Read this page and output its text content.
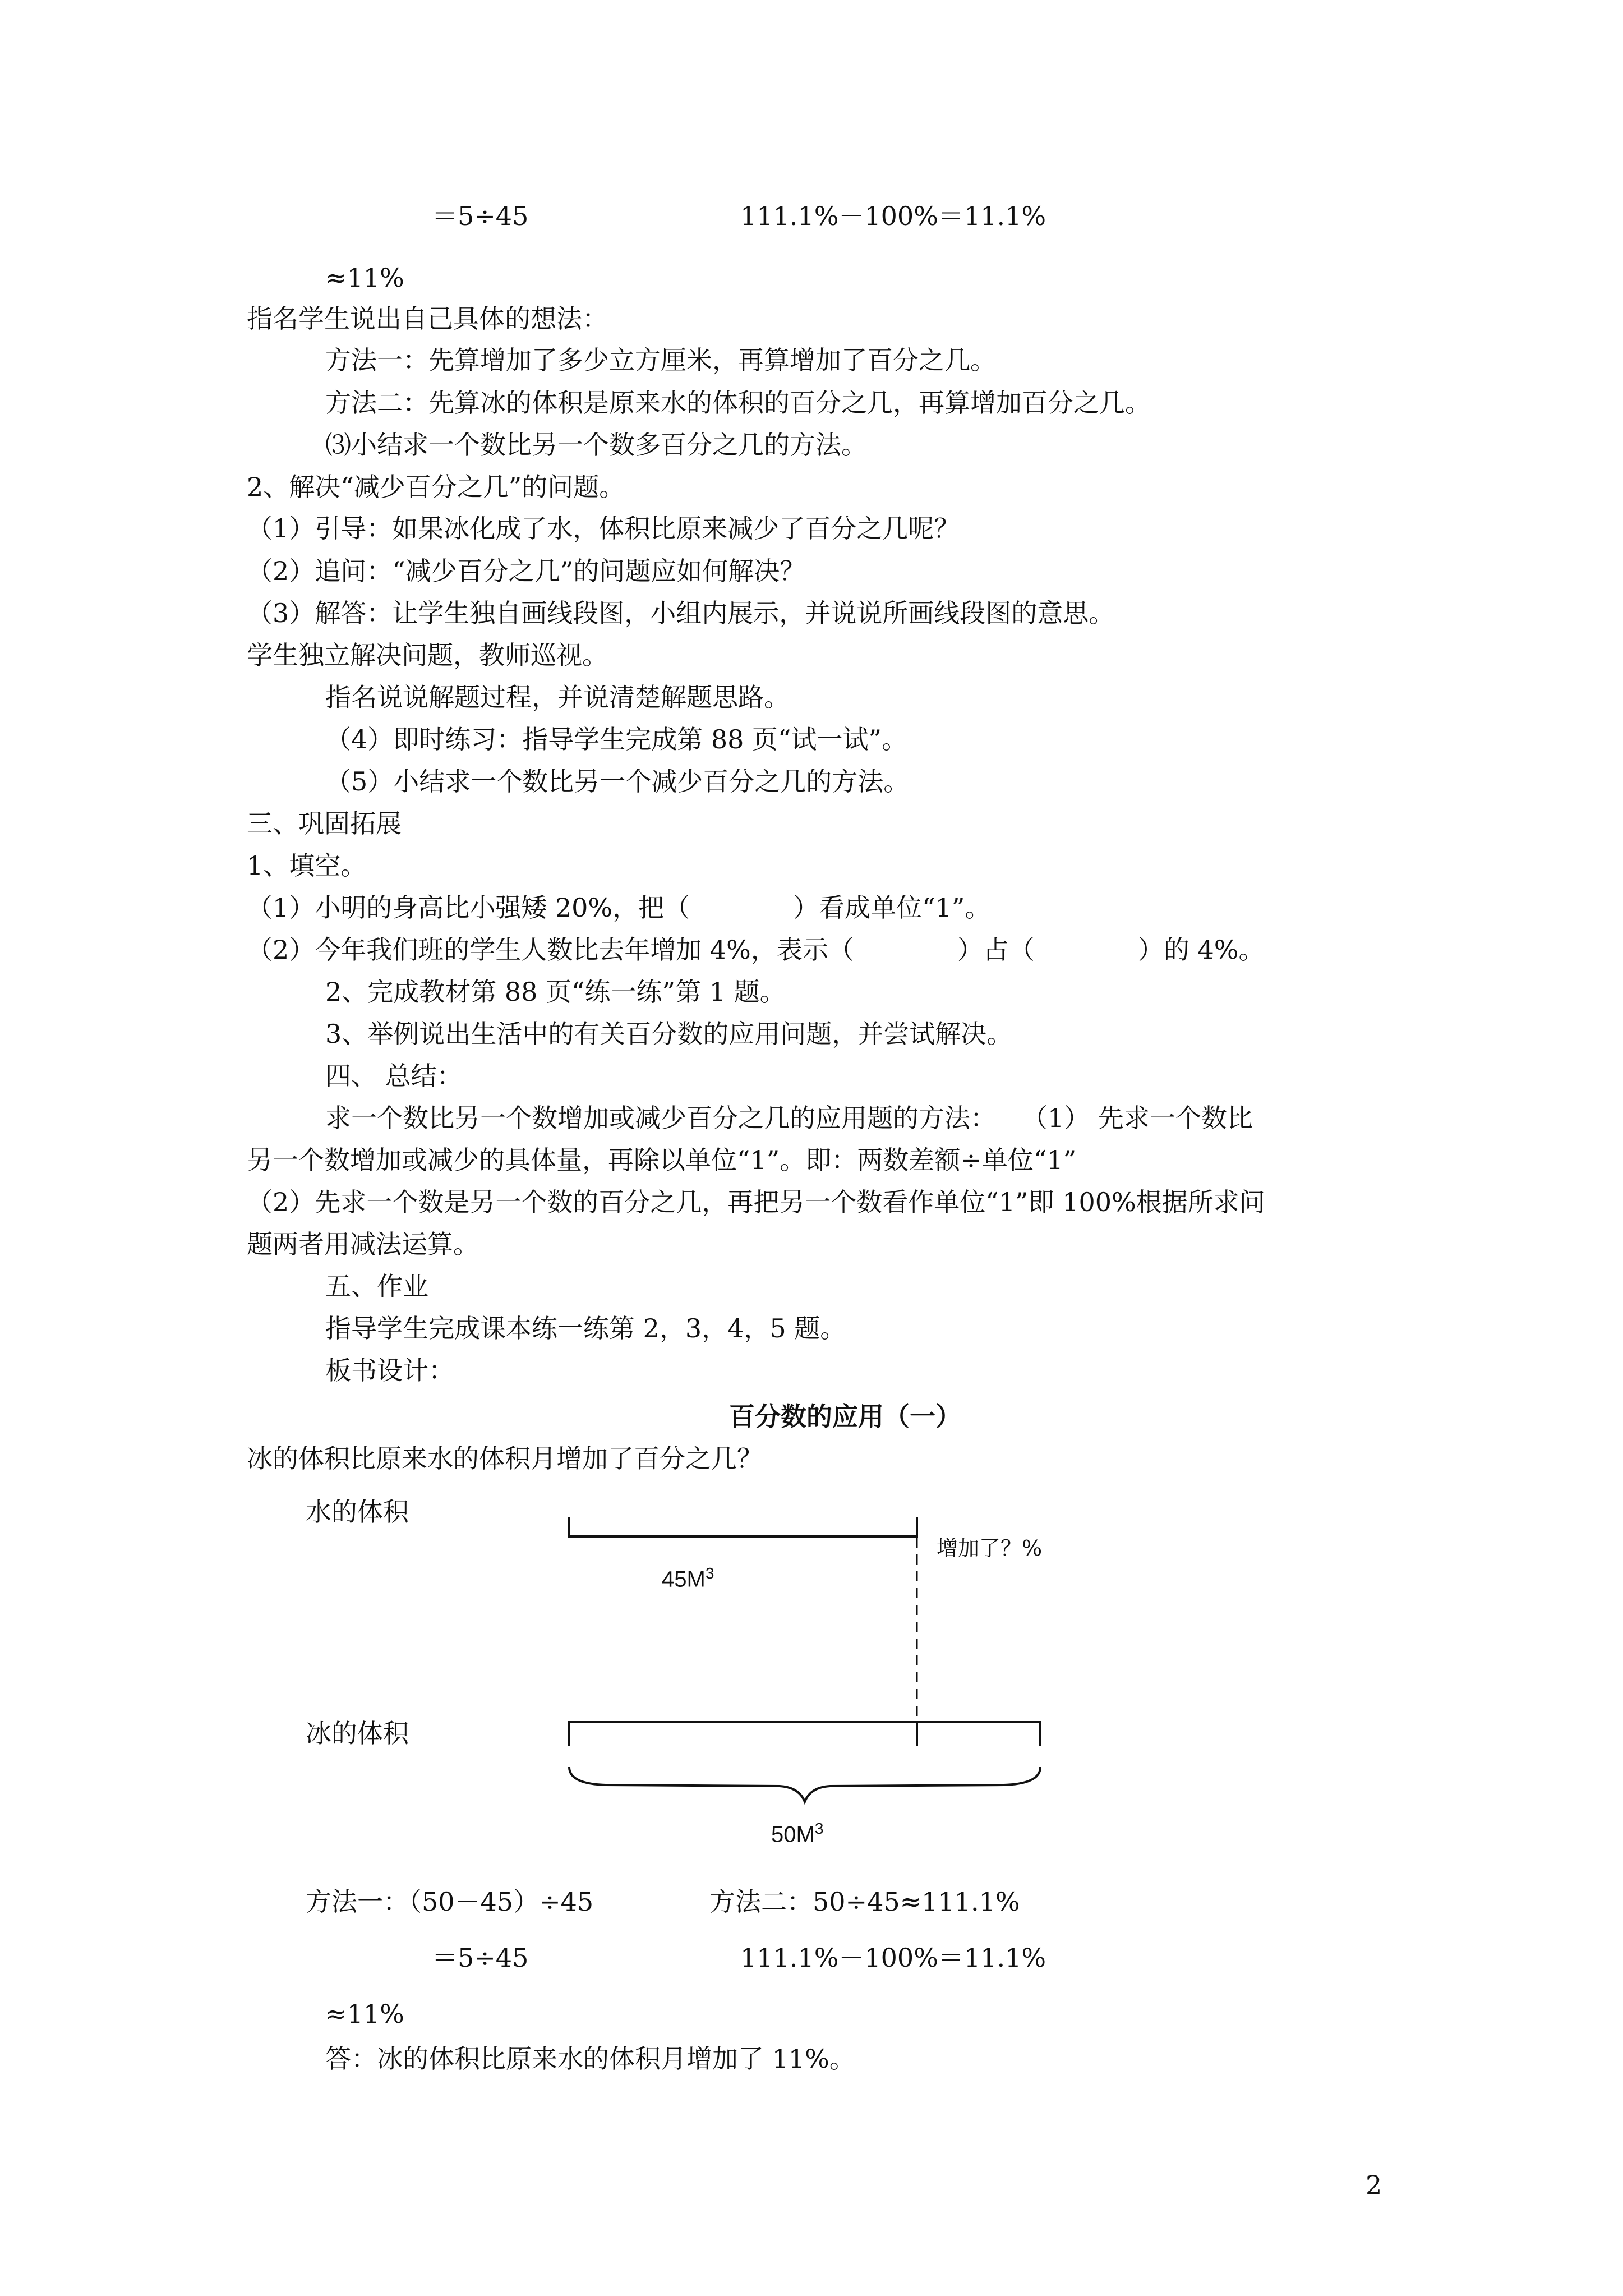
＝5÷45	111.1%－100%＝11.1%
≈11%
指名学生说出自己具体的想法：
方法一：先算增加了多少立方厘米，再算增加了百分之几。
方法二：先算冰的体积是原来水的体积的百分之几，再算增加百分之几。
⑶小结求一个数比另一个数多百分之几的方法。
2、解决“减少百分之几”的问题。
（1）引导：如果冰化成了水，体积比原来减少了百分之几呢？
（2）追问：“减少百分之几”的问题应如何解决？
（3）解答：让学生独自画线段图，小组内展示，并说说所画线段图的意思。
学生独立解决问题，教师巡视。
指名说说解题过程，并说清楚解题思路。
（4）即时练习：指导学生完成第 88 页“试一试”。
（5）小结求一个数比另一个减少百分之几的方法。
三、巩固拓展
1、填空。
（1）小明的身高比小强矮 20%，把（　　　　）看成单位“1”。
（2）今年我们班的学生人数比去年增加 4%，表示（　　　　）占（　　　　）的 4%。
2、完成教材第 88 页“练一练”第 1 题。
3、举例说出生活中的有关百分数的应用问题，并尝试解决。
四、 总结：
求一个数比另一个数增加或减少百分之几的应用题的方法：　　（1） 先求一个数比
另一个数增加或减少的具体量，再除以单位“1”。即：两数差额÷单位“1”
（2）先求一个数是另一个数的百分之几，再把另一个数看作单位“1”即 100%根据所求问
题两者用减法运算。
五、作业
指导学生完成课本练一练第 2，3，4，5 题。
板书设计：
百分数的应用（一）
冰的体积比原来水的体积月增加了百分之几？
水的体积
增加了？%
$45M^3$
冰的体积
$50M^3$
方法一：（50－45）÷45	方法二：50÷45≈111.1%
＝5÷45	111.1%－100%＝11.1%
≈11%
答：冰的体积比原来水的体积月增加了 11%。
2
